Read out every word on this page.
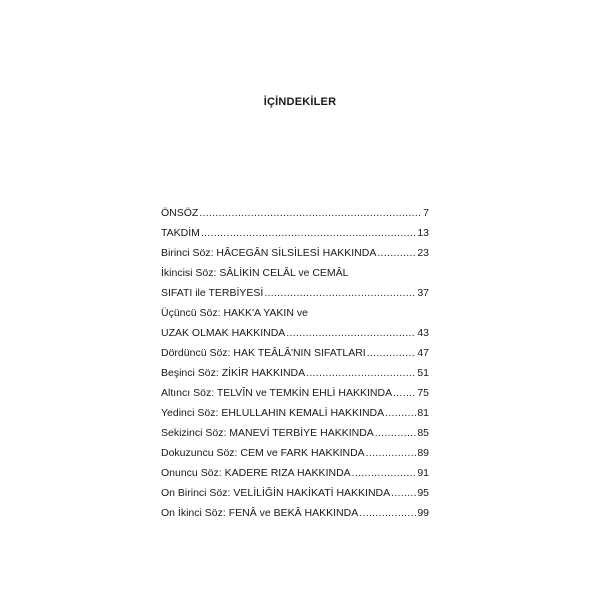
İÇİNDEKİLER
ÖNSÖZ .....	7
TAKDİM .....	13
Birinci Söz: HÂCEGÂN SİLSİLESİ HAKKINDA .....	23
İkincisi Söz: SÂLİKİN CELÂL ve CEMÂL
SIFATI ile TERBİYESİ .....	37
Üçüncü Söz: HAKK'A YAKIN ve
UZAK OLMAK HAKKINDA .....	43
Dördüncü Söz: HAK TEÂLÂ'NIN SIFATLARI .....	47
Beşinci Söz: ZİKİR HAKKINDA .....	51
Altıncı Söz: TELVÎN ve TEMKİN EHLİ HAKKINDA ..... 75
Yedinci Söz: EHLULLAHIN KEMALİ HAKKINDA .....	81
Sekizinci Söz: MANEVİ TERBİYE HAKKINDA .....	85
Dokuzuncu Söz: CEM ve FARK HAKKINDA .....	89
Onuncu Söz: KADERE RIZA HAKKINDA .....	91
On Birinci Söz: VELİLİĞİN HAKİKATİ HAKKINDA .....	95
On İkinci Söz: FENÂ ve BEKÂ HAKKINDA .....	99
